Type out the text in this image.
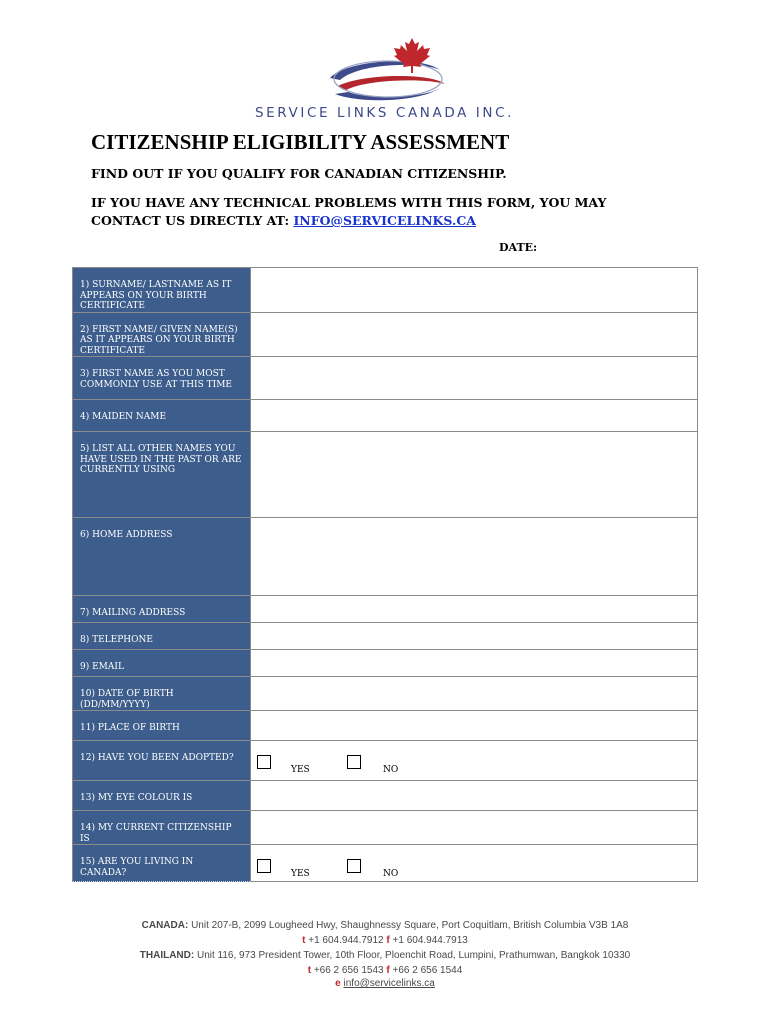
SERVICE LINKS CANADA INC.
CITIZENSHIP ELIGIBILITY ASSESSMENT
FIND OUT IF YOU QUALIFY FOR CANADIAN CITIZENSHIP.
IF YOU HAVE ANY TECHNICAL PROBLEMS WITH THIS FORM, YOU MAY
CONTACT US DIRECTLY AT: INFO@SERVICELINKS.CA
DATE:
1) SURNAME/ LASTNAME AS IT APPEARS ON YOUR BIRTH CERTIFICATE	
2) FIRST NAME/ GIVEN NAME(S) AS IT APPEARS ON YOUR BIRTH CERTIFICATE	
3) FIRST NAME AS YOU MOST COMMONLY USE AT THIS TIME	
4) MAIDEN NAME	
5) LIST ALL OTHER NAMES YOU HAVE USED IN THE PAST OR ARE CURRENTLY USING	
6) HOME ADDRESS	
7) MAILING ADDRESS	
8) TELEPHONE	
9) EMAIL	
10) DATE OF BIRTH (DD/MM/YYYY)	
11) PLACE OF BIRTH	
12) HAVE YOU BEEN ADOPTED?	YES NO

13) MY EYE COLOUR IS	
14) MY CURRENT CITIZENSHIP IS	
15) ARE YOU LIVING IN CANADA?	YES NO
CANADA: Unit 207-B, 2099 Lougheed Hwy, Shaughnessy Square, Port Coquitlam, British Columbia V3B 1A8
t +1 604.944.7912 f +1 604.944.7913
THAILAND: Unit 116, 973 President Tower, 10th Floor, Ploenchit Road, Lumpini, Prathumwan, Bangkok 10330
t +66 2 656 1543 f +66 2 656 1544
e info@servicelinks.ca
